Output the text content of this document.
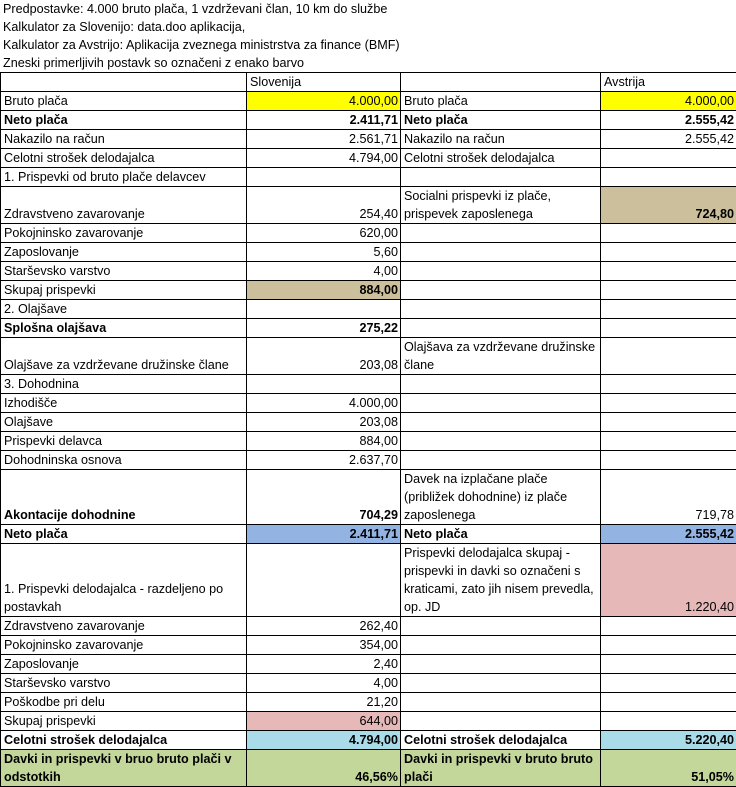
Predpostavke: 4.000 bruto plača, 1 vzdrževani član, 10 km do službe
Kalkulator za Slovenijo: data.doo aplikacija,
Kalkulator za Avstrijo: Aplikacija zveznega ministrstva za finance (BMF)
Zneski primerljivih postavk so označeni z enako barvo
	Slovenija		Avstrija
Bruto plača	4.000,00	Bruto plača	4.000,00
Neto plača	2.411,71	Neto plača	2.555,42
Nakazilo na račun	2.561,71	Nakazilo na račun	2.555,42
Celotni strošek delodajalca	4.794,00	Celotni strošek delodajalca	
1. Prispevki od bruto plače delavcev			
Zdravstveno zavarovanje	254,40	Socialni prispevki iz plače, prispevek zaposlenega	724,80
Pokojninsko zavarovanje	620,00		
Zaposlovanje	5,60		
Starševsko varstvo	4,00		
Skupaj prispevki	884,00		
2. Olajšave			
Splošna olajšava	275,22		
Olajšave za vzdrževane družinske člane	203,08	Olajšava za vzdrževane družinske člane	
3. Dohodnina			
Izhodišče	4.000,00		
Olajšave	203,08		
Prispevki delavca	884,00		
Dohodninska osnova	2.637,70		
Akontacije dohodnine	704,29	Davek na izplačane plače (približek dohodnine) iz plače zaposlenega	719,78
Neto plača	2.411,71	Neto plača	2.555,42
1. Prispevki delodajalca - razdeljeno po postavkah		Prispevki delodajalca skupaj - prispevki in davki so označeni s kraticami, zato jih nisem prevedla, op. JD	1.220,40
Zdravstveno zavarovanje	262,40		
Pokojninsko zavarovanje	354,00		
Zaposlovanje	2,40		
Starševsko varstvo	4,00		
Poškodbe pri delu	21,20		
Skupaj prispevki	644,00		
Celotni strošek delodajalca	4.794,00	Celotni strošek delodajalca	5.220,40
Davki in prispevki v bruo bruto plači v odstotkih	46,56%	Davki in prispevki v bruto bruto plači	51,05%
